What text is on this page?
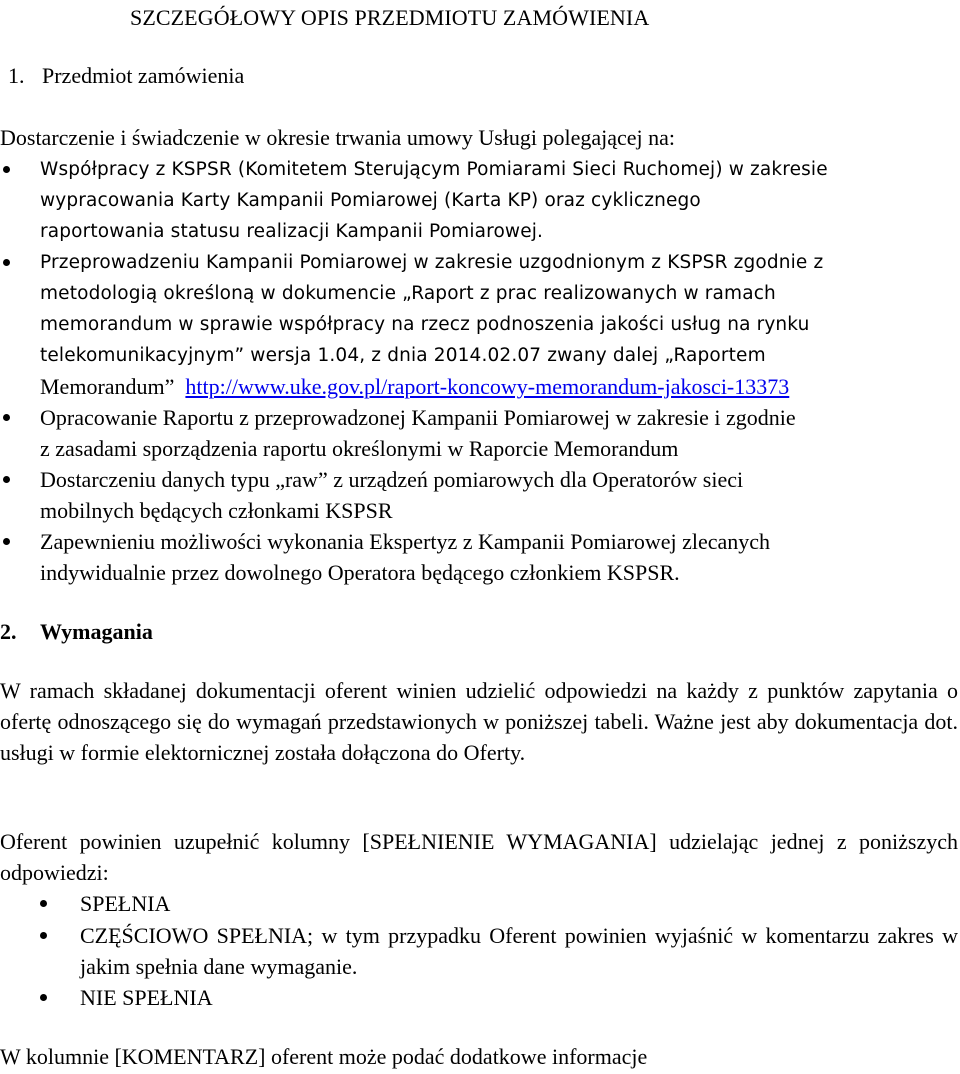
SZCZEGÓŁOWY OPIS PRZEDMIOTU ZAMÓWIENIA
1. Przedmiot zamówienia

Dostarczenie i świadczenie w okresie trwania umowy Usługi polegającej na:

Współpracy z KSPSR (Komitetem Sterującym Pomiarami Sieci Ruchomej) w zakresie
wypracowania Karty Kampanii Pomiarowej (Karta KP) oraz cyklicznego
raportowania statusu realizacji Kampanii Pomiarowej.
Przeprowadzeniu Kampanii Pomiarowej w zakresie uzgodnionym z KSPSR zgodnie z
metodologią określoną w dokumencie „Raport z prac realizowanych w ramach
memorandum w sprawie współpracy na rzecz podnoszenia jakości usług na rynku
telekomunikacyjnym” wersja 1.04, z dnia 2014.02.07 zwany dalej „Raportem
Memorandum” http://www.uke.gov.pl/raport-koncowy-memorandum-jakosci-13373
Opracowanie Raportu z przeprowadzonej Kampanii Pomiarowej w zakresie i zgodnie
z zasadami sporządzenia raportu określonymi w Raporcie Memorandum
Dostarczeniu danych typu „raw” z urządzeń pomiarowych dla Operatorów sieci
mobilnych będących członkami KSPSR
Zapewnieniu możliwości wykonania Ekspertyz z Kampanii Pomiarowej zlecanych
indywidualnie przez dowolnego Operatora będącego członkiem KSPSR.
2. Wymagania

W ramach składanej dokumentacji oferent winien udzielić odpowiedzi na każdy z punktów zapytania o ofertę odnoszącego się do wymagań przedstawionych w poniższej tabeli. Ważne jest aby dokumentacja dot. usługi w formie elektornicznej została dołączona do Oferty.

Oferent powinien uzupełnić kolumny [SPEŁNIENIE WYMAGANIA] udzielając jednej z poniższych odpowiedzi:

SPEŁNIA
CZĘŚCIOWO SPEŁNIA; w tym przypadku Oferent powinien wyjaśnić w komentarzu zakres w jakim spełnia dane wymaganie.
NIE SPEŁNIA

W kolumnie [KOMENTARZ] oferent może podać dodatkowe informacje
